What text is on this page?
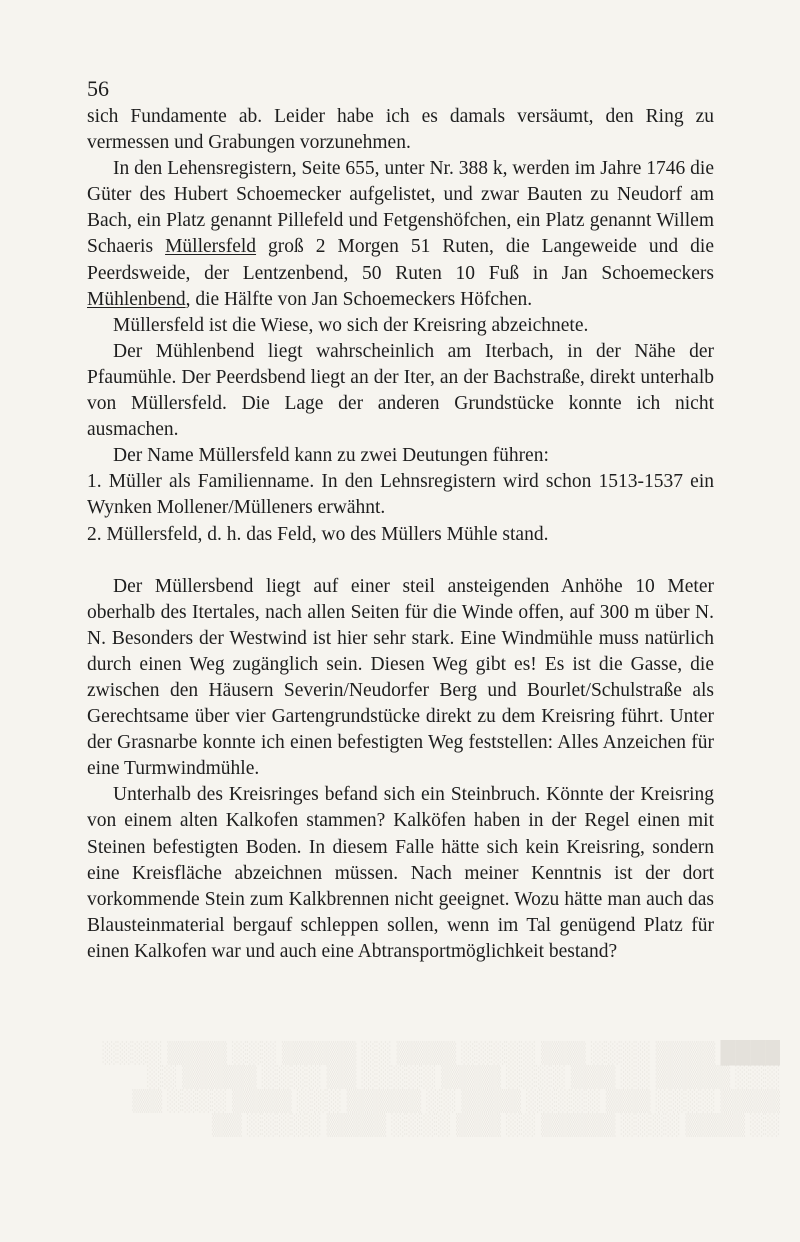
████ ▒▒▒▒ ░░░░ ▒▒▒ ░░░░░ ▒▒▒▒ ░░ ▒▒▒▒▒ ░░░ ▒▒▒▒ ░░░░
░░░ ▒▒▒▒▒ ░░ ▒▒▒ ░░░░ ▒▒▒▒ ░░░░░ ▒▒ ░░░░ ▒▒▒▒▒ ░░
▒▒▒▒ ░░░░ ▒▒▒ ░░░░░ ▒▒▒▒ ░░ ▒▒▒▒▒ ░░░ ▒▒▒▒ ░░░░ ▒▒
░░ ▒▒▒▒ ░░░░ ▒▒▒▒▒ ░░ ▒▒▒ ░░░░ ▒▒▒▒ ░░░░░ ▒▒
56

sich Fundamente ab. Leider habe ich es damals versäumt, den Ring zu vermessen und Grabungen vorzunehmen.

In den Lehensregistern, Seite 655, unter Nr. 388 k, werden im Jahre 1746 die Güter des Hubert Schoemecker aufgelistet, und zwar Bauten zu Neudorf am Bach, ein Platz genannt Pillefeld und Fetgenshöfchen, ein Platz genannt Willem Schaeris Müllersfeld groß 2 Morgen 51 Ruten, die Langeweide und die Peerdsweide, der Lentzenbend, 50 Ruten 10 Fuß in Jan Schoemeckers Mühlenbend, die Hälfte von Jan Schoemeckers Höfchen.

Müllersfeld ist die Wiese, wo sich der Kreisring abzeichnete.

Der Mühlenbend liegt wahrscheinlich am Iterbach, in der Nähe der Pfaumühle. Der Peerdsbend liegt an der Iter, an der Bachstraße, direkt unterhalb von Müllersfeld. Die Lage der anderen Grundstücke konnte ich nicht ausmachen.

Der Name Müllersfeld kann zu zwei Deutungen führen:

1. Müller als Familienname. In den Lehnsregistern wird schon 1513-1537 ein Wynken Mollener/Mülleners erwähnt.

2. Müllersfeld, d. h. das Feld, wo des Müllers Mühle stand.

Der Müllersbend liegt auf einer steil ansteigenden Anhöhe 10 Meter oberhalb des Itertales, nach allen Seiten für die Winde offen, auf 300 m über N. N. Besonders der Westwind ist hier sehr stark. Eine Windmühle muss natürlich durch einen Weg zugänglich sein. Diesen Weg gibt es! Es ist die Gasse, die zwischen den Häusern Severin/Neudorfer Berg und Bourlet/Schulstraße als Gerechtsame über vier Gartengrundstücke direkt zu dem Kreisring führt. Unter der Grasnarbe konnte ich einen befestigten Weg feststellen: Alles Anzeichen für eine Turmwindmühle.

Unterhalb des Kreisringes befand sich ein Steinbruch. Könnte der Kreisring von einem alten Kalkofen stammen? Kalköfen haben in der Regel einen mit Steinen befestigten Boden. In diesem Falle hätte sich kein Kreisring, sondern eine Kreisfläche abzeichnen müssen. Nach meiner Kenntnis ist der dort vorkommende Stein zum Kalkbrennen nicht geeignet. Wozu hätte man auch das Blausteinmaterial bergauf schleppen sollen, wenn im Tal genügend Platz für einen Kalkofen war und auch eine Abtransportmöglichkeit bestand?
